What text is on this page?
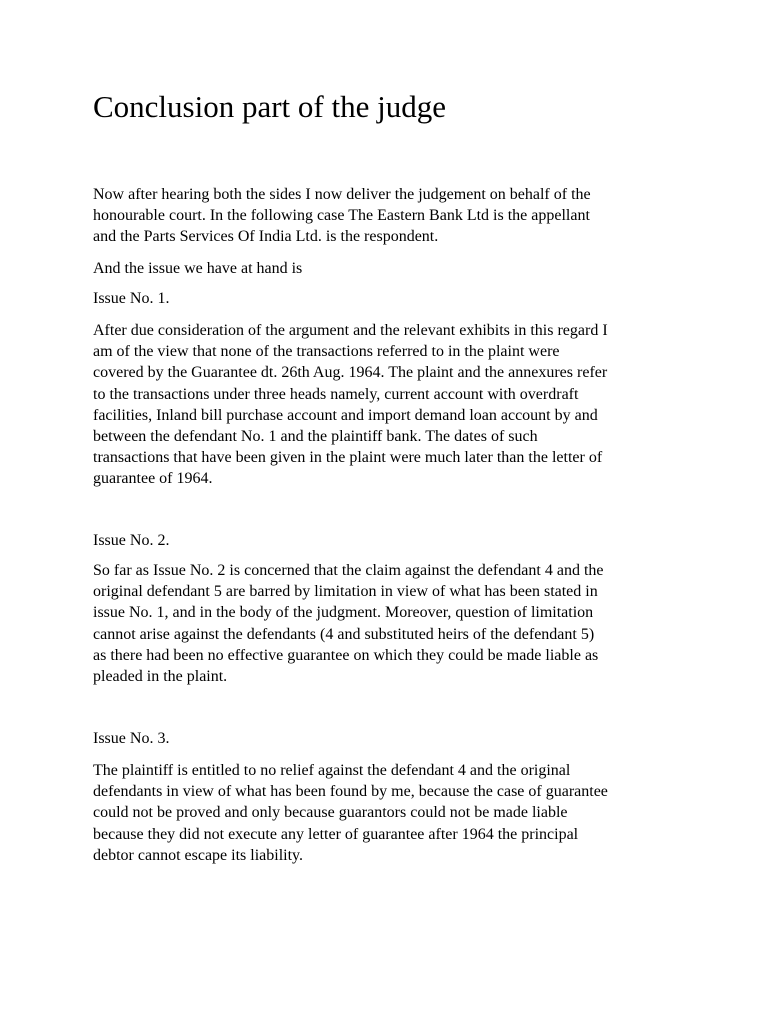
Conclusion part of the judge

Now after hearing both the sides I now deliver the judgement on behalf of the
honourable court. In the following case The Eastern Bank Ltd is the appellant
and the Parts Services Of India Ltd. is the respondent.

And the issue we have at hand is

Issue No. 1.

After due consideration of the argument and the relevant exhibits in this regard I
am of the view that none of the transactions referred to in the plaint were
covered by the Guarantee dt. 26th Aug. 1964. The plaint and the annexures refer
to the transactions under three heads namely, current account with overdraft
facilities, Inland bill purchase account and import demand loan account by and
between the defendant No. 1 and the plaintiff bank. The dates of such
transactions that have been given in the plaint were much later than the letter of
guarantee of 1964.

Issue No. 2.

So far as Issue No. 2 is concerned that the claim against the defendant 4 and the
original defendant 5 are barred by limitation in view of what has been stated in
issue No. 1, and in the body of the judgment. Moreover, question of limitation
cannot arise against the defendants (4 and substituted heirs of the defendant 5)
as there had been no effective guarantee on which they could be made liable as
pleaded in the plaint.

Issue No. 3.

The plaintiff is entitled to no relief against the defendant 4 and the original
defendants in view of what has been found by me, because the case of guarantee
could not be proved and only because guarantors could not be made liable
because they did not execute any letter of guarantee after 1964 the principal
debtor cannot escape its liability.
